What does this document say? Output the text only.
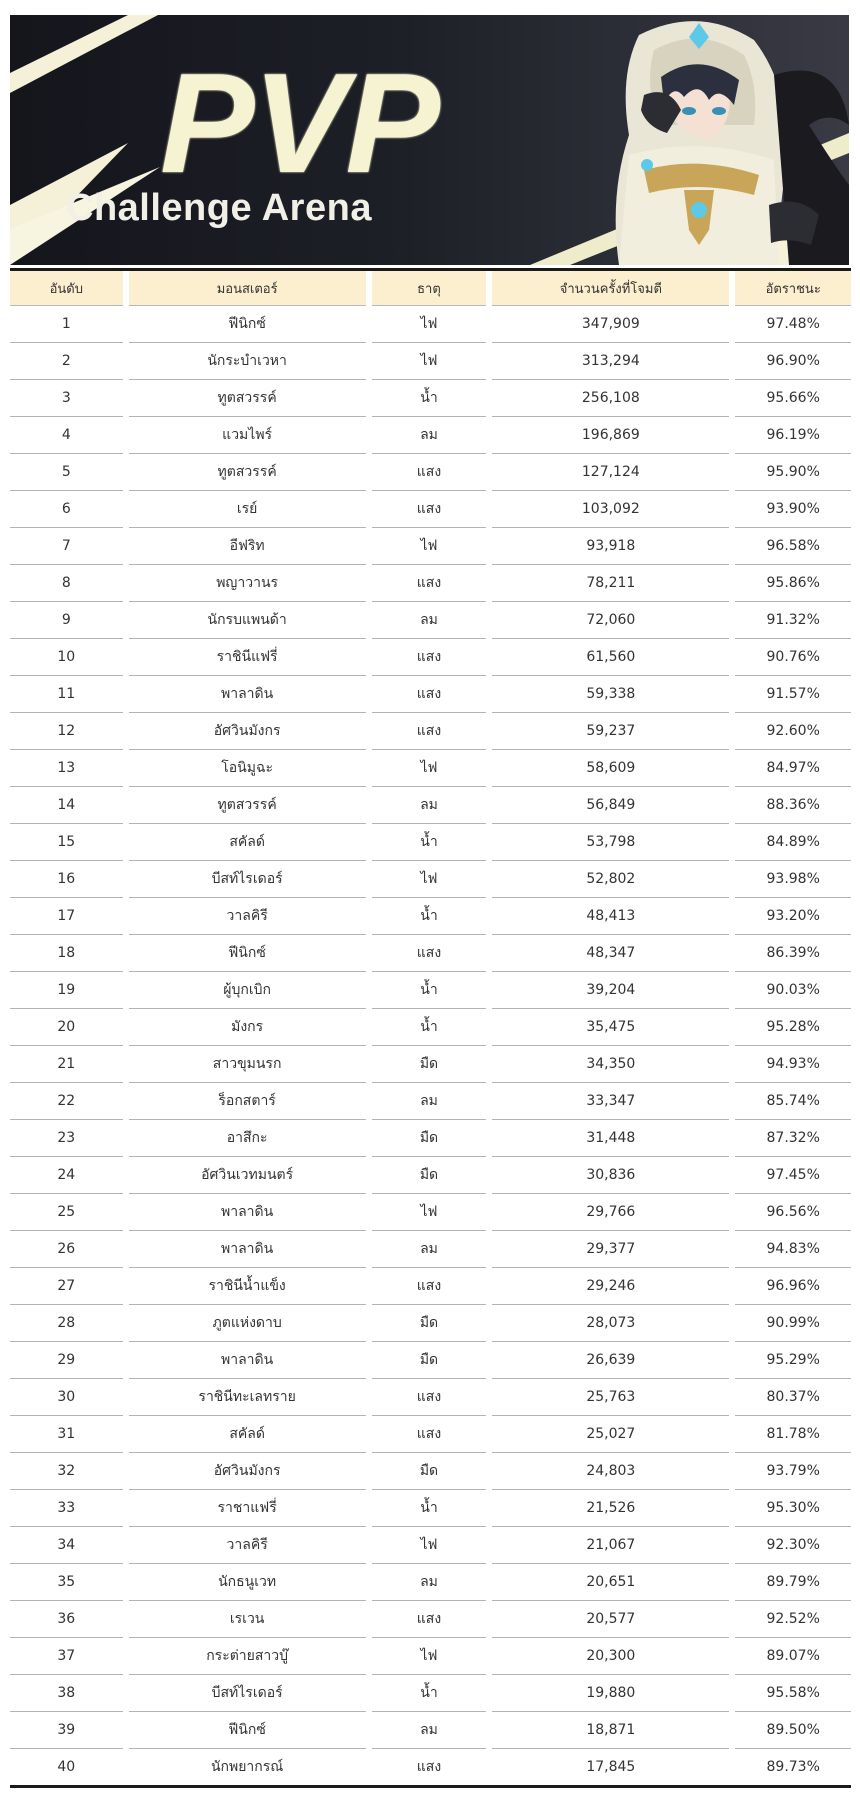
PVP
Challenge Arena
อันดับ	มอนสเตอร์	ธาตุ	จำนวนครั้งที่โจมตี	อัตราชนะ
1	ฟีนิกซ์	ไฟ	347,909	97.48%
2	นักระบำเวหา	ไฟ	313,294	96.90%
3	ทูตสวรรค์	น้ำ	256,108	95.66%
4	แวมไพร์	ลม	196,869	96.19%
5	ทูตสวรรค์	แสง	127,124	95.90%
6	เรย์	แสง	103,092	93.90%
7	อีฟริท	ไฟ	93,918	96.58%
8	พญาวานร	แสง	78,211	95.86%
9	นักรบแพนด้า	ลม	72,060	91.32%
10	ราชินีแฟรี่	แสง	61,560	90.76%
11	พาลาดิน	แสง	59,338	91.57%
12	อัศวินมังกร	แสง	59,237	92.60%
13	โอนิมูฉะ	ไฟ	58,609	84.97%
14	ทูตสวรรค์	ลม	56,849	88.36%
15	สคัลด์	น้ำ	53,798	84.89%
16	บีสท์ไรเดอร์	ไฟ	52,802	93.98%
17	วาลคิรี	น้ำ	48,413	93.20%
18	ฟีนิกซ์	แสง	48,347	86.39%
19	ผู้บุกเบิก	น้ำ	39,204	90.03%
20	มังกร	น้ำ	35,475	95.28%
21	สาวขุมนรก	มืด	34,350	94.93%
22	ร็อกสตาร์	ลม	33,347	85.74%
23	อาสึกะ	มืด	31,448	87.32%
24	อัศวินเวทมนตร์	มืด	30,836	97.45%
25	พาลาดิน	ไฟ	29,766	96.56%
26	พาลาดิน	ลม	29,377	94.83%
27	ราชินีน้ำแข็ง	แสง	29,246	96.96%
28	ภูตแห่งดาบ	มืด	28,073	90.99%
29	พาลาดิน	มืด	26,639	95.29%
30	ราชินีทะเลทราย	แสง	25,763	80.37%
31	สคัลด์	แสง	25,027	81.78%
32	อัศวินมังกร	มืด	24,803	93.79%
33	ราชาแฟรี่	น้ำ	21,526	95.30%
34	วาลคิรี	ไฟ	21,067	92.30%
35	นักธนูเวท	ลม	20,651	89.79%
36	เรเวน	แสง	20,577	92.52%
37	กระต่ายสาวบู๊	ไฟ	20,300	89.07%
38	บีสท์ไรเดอร์	น้ำ	19,880	95.58%
39	ฟีนิกซ์	ลม	18,871	89.50%
40	นักพยากรณ์	แสง	17,845	89.73%
